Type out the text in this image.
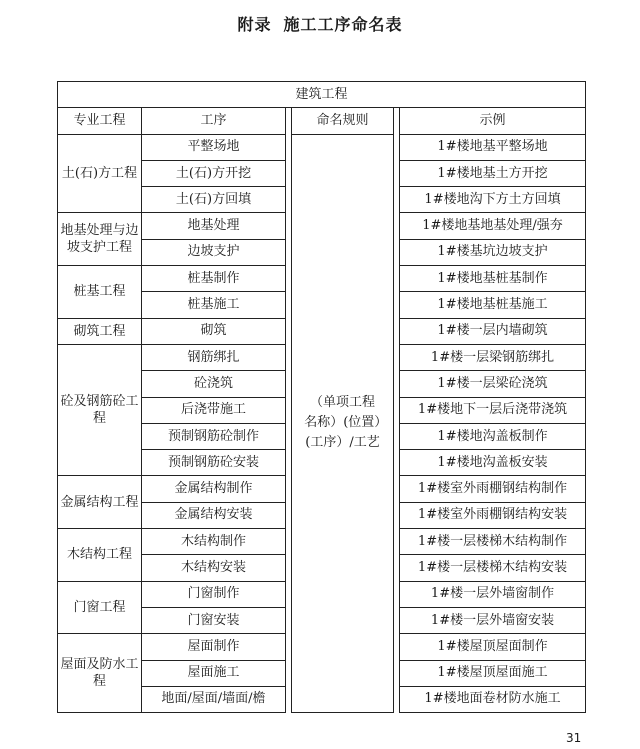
附录 施工工序命名表
建筑工程					
专业工程	工序		命名规则		示例
土(石)方工程	平整场地		（单项工程名称）(位置）(工序）/工艺		1#楼地基平整场地
	土(石)方开挖				1#楼地基土方开挖
	土(石)方回填				1#楼地沟下方土方回填
地基处理与边坡支护工程	地基处理				1#楼地基地基处理/强夯
	边坡支护				1#楼基坑边坡支护
桩基工程	桩基制作				1#楼地基桩基制作
	桩基施工				1#楼地基桩基施工
砌筑工程	砌筑				1#楼一层内墙砌筑
砼及钢筋砼工程	钢筋绑扎				1#楼一层梁钢筋绑扎
	砼浇筑				1#楼一层梁砼浇筑
	后浇带施工				1#楼地下一层后浇带浇筑
	预制钢筋砼制作				1#楼地沟盖板制作
	预制钢筋砼安装				1#楼地沟盖板安装
金属结构工程	金属结构制作				1#楼室外雨棚钢结构制作
	金属结构安装				1#楼室外雨棚钢结构安装
木结构工程	木结构制作				1#楼一层楼梯木结构制作
	木结构安装				1#楼一层楼梯木结构安装
门窗工程	门窗制作				1#楼一层外墙窗制作
	门窗安装				1#楼一层外墙窗安装
屋面及防水工程	屋面制作				1#楼屋顶屋面制作
	屋面施工				1#楼屋顶屋面施工
	地面/屋面/墙面/檐				1#楼地面卷材防水施工
31
